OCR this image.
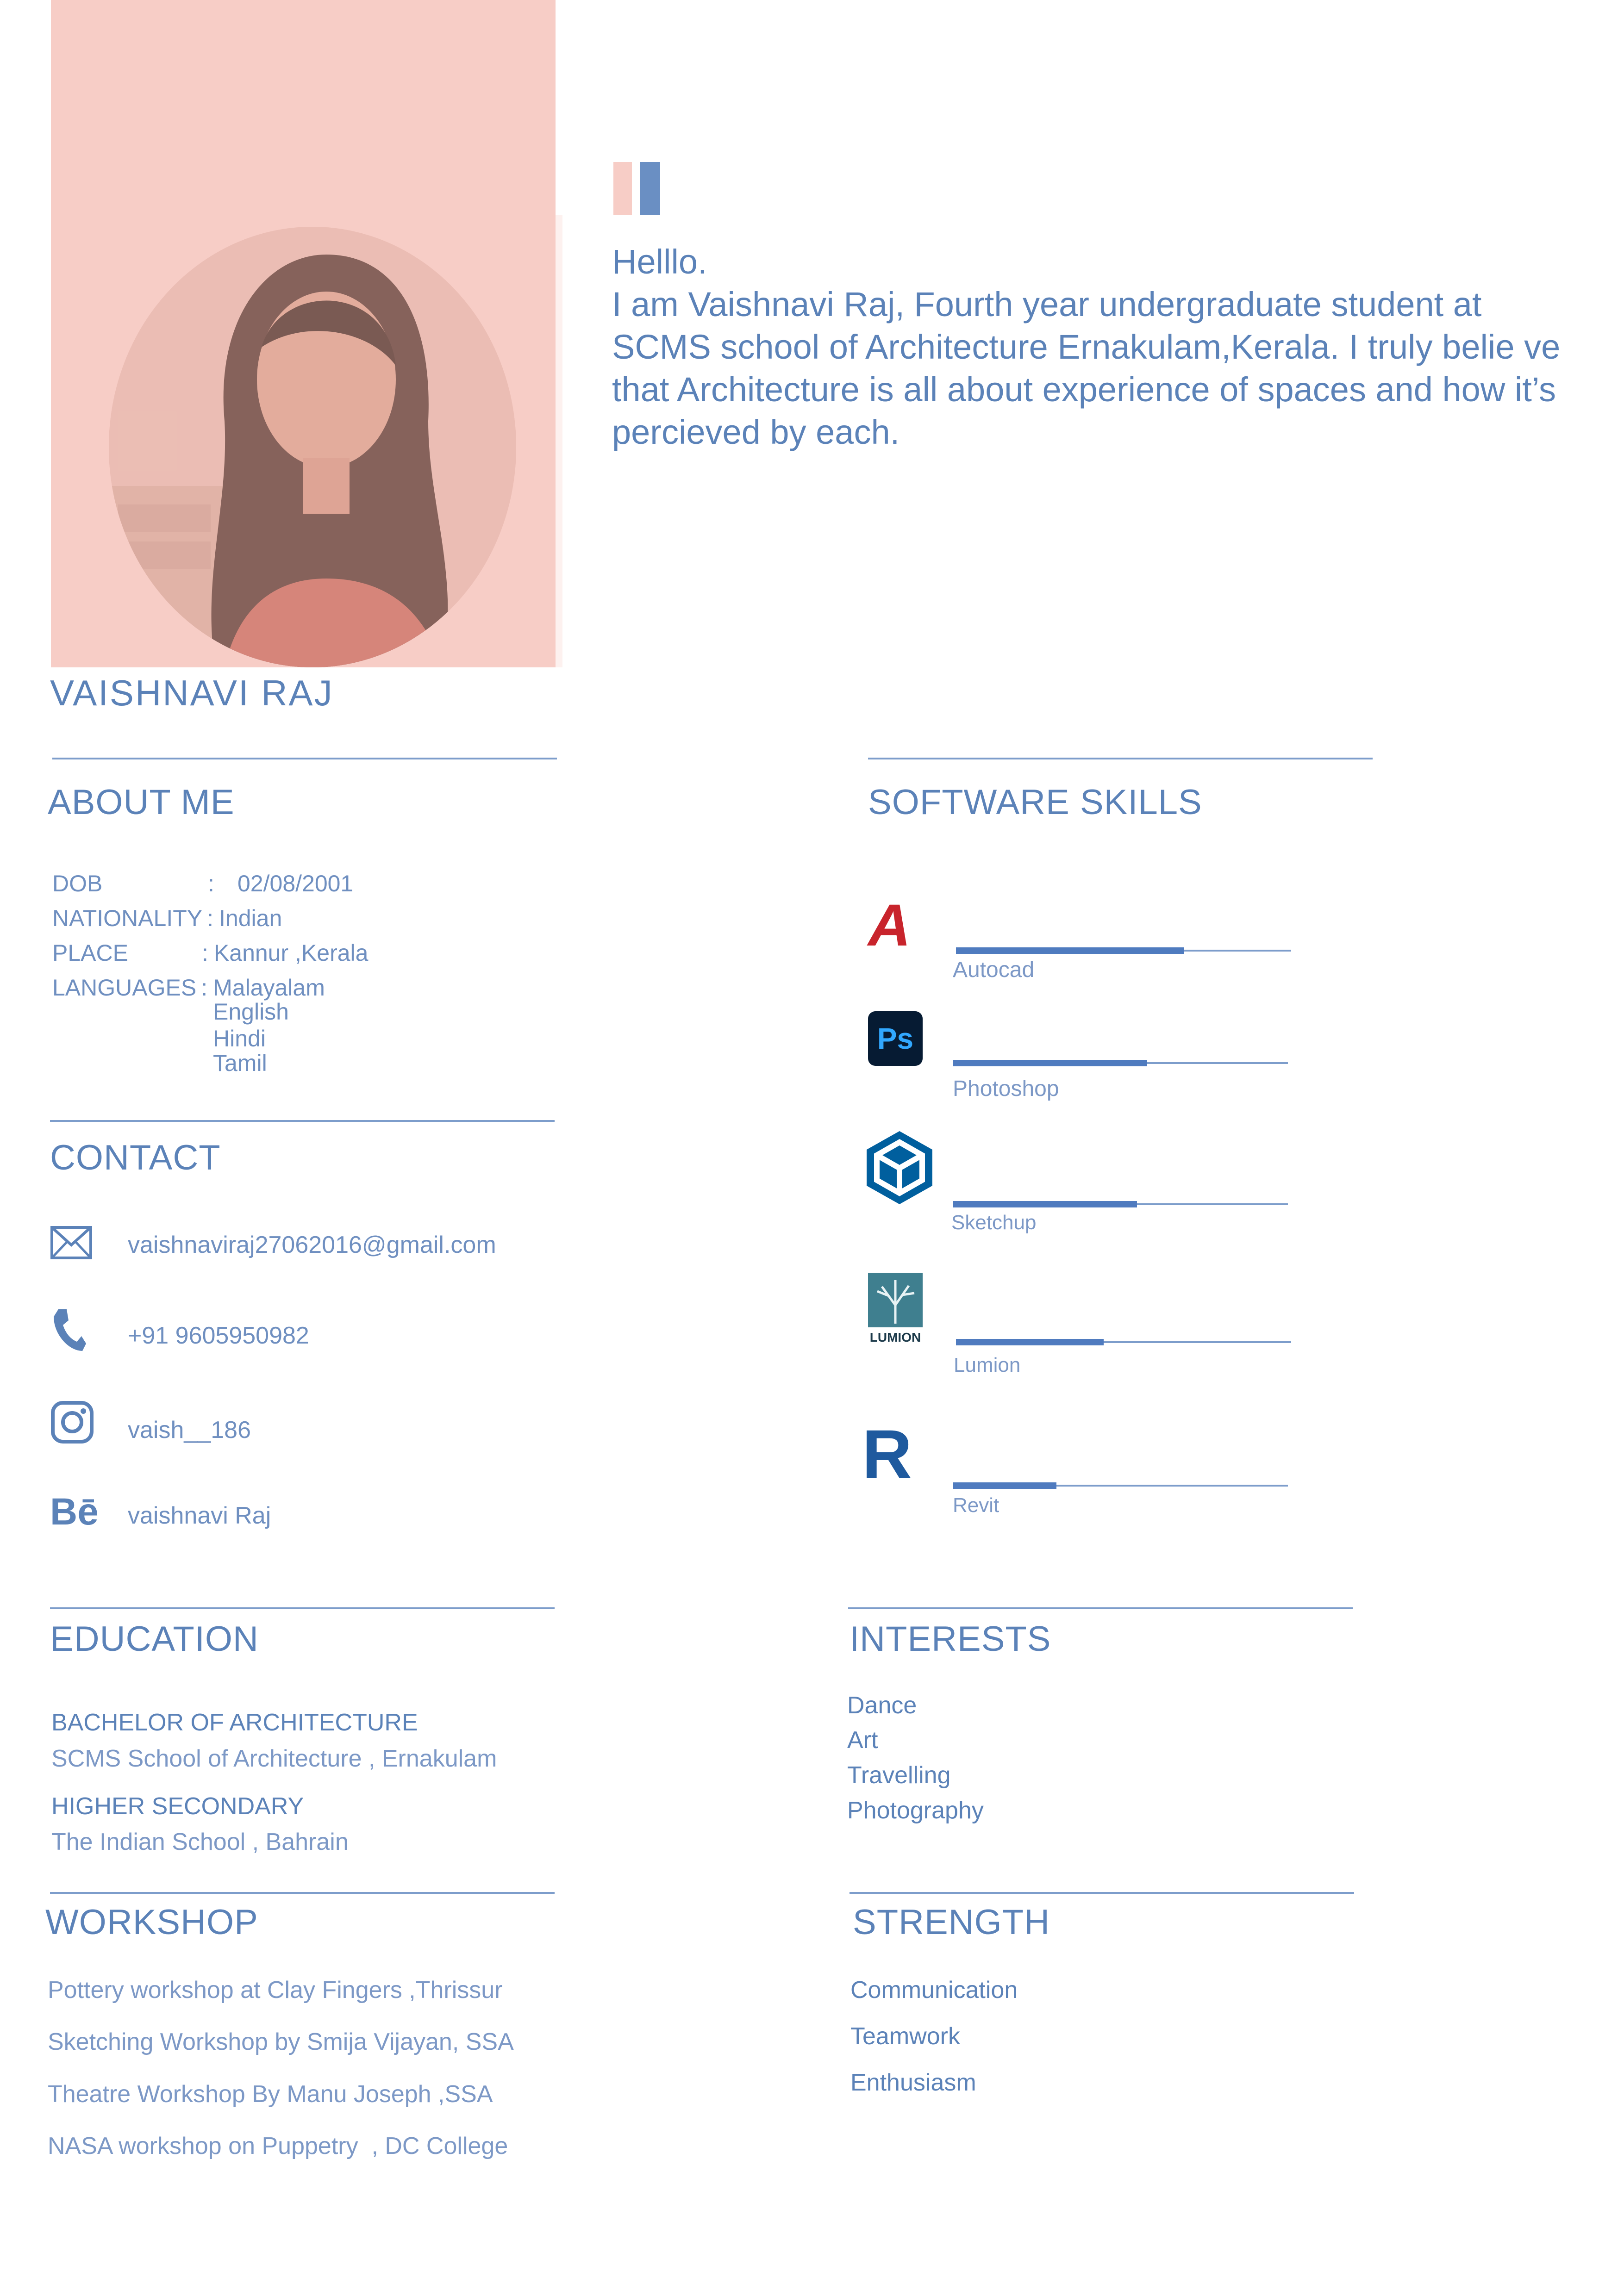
Helllo.

I am Vaishnavi Raj, Fourth year undergraduate student at SCMS school of Architecture Ernakulam,Kerala. I truly belie ve that Architecture is all about experience of spaces and how it’s percieved by each.

VAISHNAVI RAJ
ABOUT ME
DOB	: 02/08/2001
NATIONALITY : Indian
PLACE	: Kannur ,Kerala
LANGUAGES : Malayalam
English
Hindi
Tamil
CONTACT
vaishnaviraj27062016@gmail.com
+91 9605950982
vaish__186
Bē vaishnavi Raj
SOFTWARE SKILLS
A
Autocad
Ps
Photoshop
Sketchup
LUMION
Lumion
R
Revit
EDUCATION
BACHELOR OF ARCHITECTURE
SCMS School of Architecture , Ernakulam
HIGHER SECONDARY
The Indian School , Bahrain
INTERESTS
Dance
Art
Travelling
Photography
WORKSHOP
Pottery workshop at Clay Fingers ,Thrissur
Sketching Workshop by Smija Vijayan, SSA
Theatre Workshop By Manu Joseph ,SSA
NASA workshop on Puppetry  , DC College
STRENGTH
Communication
Teamwork
Enthusiasm
